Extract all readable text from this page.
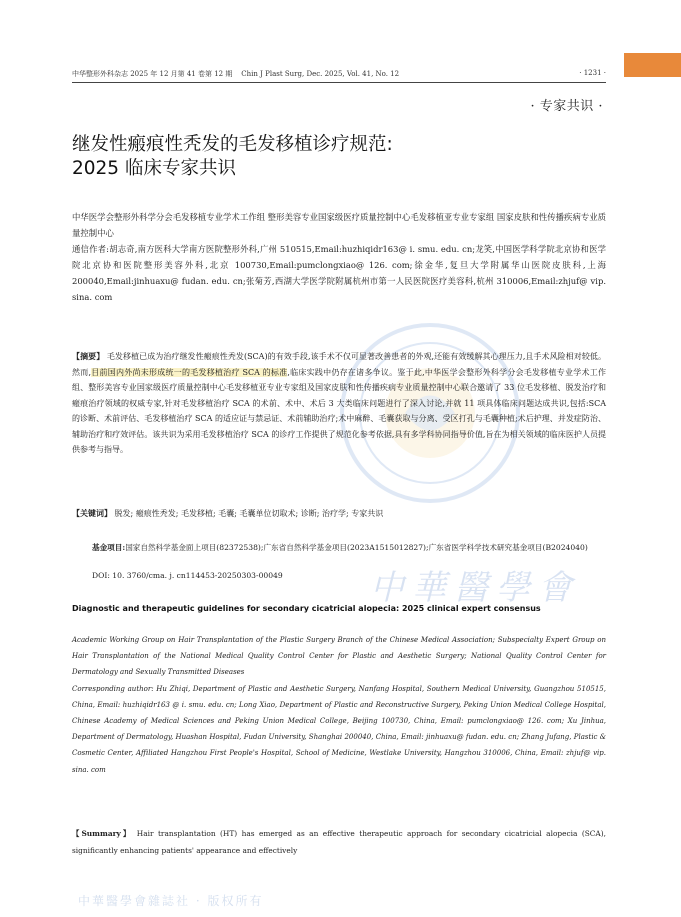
中华整形外科杂志 2025 年 12 月第 41 卷第 12 期 Chin J Plast Surg, Dec. 2025, Vol. 41, No. 12	· 1231 ·
· 专家共识 ·
继发性瘢痕性秃发的毛发移植诊疗规范:
2025 临床专家共识
中华医学会整形外科学分会毛发移植专业学术工作组 整形美容专业国家级医疗质量控制中心毛发移植亚专业专家组 国家皮肤和性传播疾病专业质量控制中心
通信作者:胡志奇,南方医科大学南方医院整形外科,广州 510515,Email:huzhiqidr163@ i. smu. edu. cn;龙笑,中国医学科学院北京协和医学院北京协和医院整形美容外科,北京 100730,Email:pumclongxiao@ 126. com;徐金华,复旦大学附属华山医院皮肤科,上海 200040,Email:jinhuaxu@ fudan. edu. cn;张菊芳,西湖大学医学院附属杭州市第一人民医院医疗美容科,杭州 310006,Email:zhjuf@ vip. sina. com
【摘要】 毛发移植已成为治疗继发性瘢痕性秃发(SCA)的有效手段,该手术不仅可显著改善患者的外观,还能有效缓解其心理压力,且手术风险相对较低。然而,目前国内外尚未形成统一的毛发移植治疗 SCA 的标准,临床实践中仍存在诸多争议。鉴于此,中华医学会整形外科学分会毛发移植专业学术工作组、整形美容专业国家级医疗质量控制中心毛发移植亚专业专家组及国家皮肤和性传播疾病专业质量控制中心联合邀请了 33 位毛发移植、脱发治疗和瘢痕治疗领域的权威专家,针对毛发移植治疗 SCA 的术前、术中、术后 3 大类临床问题进行了深入讨论,并就 11 项具体临床问题达成共识,包括:SCA 的诊断、术前评估、毛发移植治疗 SCA 的适应证与禁忌证、术前辅助治疗;术中麻醉、毛囊获取与分离、受区打孔与毛囊种植;术后护理、并发症防治、辅助治疗和疗效评估。该共识为采用毛发移植治疗 SCA 的诊疗工作提供了规范化参考依据,具有多学科协同指导价值,旨在为相关领域的临床医护人员提供参考与指导。
【关键词】 脱发; 瘢痕性秃发; 毛发移植; 毛囊; 毛囊单位切取术; 诊断; 治疗学; 专家共识
基金项目:国家自然科学基金面上项目(82372538);广东省自然科学基金项目(2023A1515012827);广东省医学科学技术研究基金项目(B2024040)
DOI: 10. 3760/cma. j. cn114453-20250303-00049	中華醫學會
Diagnostic and therapeutic guidelines for secondary cicatricial alopecia: 2025 clinical expert consensus
Academic Working Group on Hair Transplantation of the Plastic Surgery Branch of the Chinese Medical Association; Subspecialty Expert Group on Hair Transplantation of the National Medical Quality Control Center for Plastic and Aesthetic Surgery; National Quality Control Center for Dermatology and Sexually Transmitted Diseases
Corresponding author: Hu Zhiqi, Department of Plastic and Aesthetic Surgery, Nanfang Hospital, Southern Medical University, Guangzhou 510515, China, Email: huzhiqidr163 @ i. smu. edu. cn; Long Xiao, Department of Plastic and Reconstructive Surgery, Peking Union Medical College Hospital, Chinese Academy of Medical Sciences and Peking Union Medical College, Beijing 100730, China, Email: pumclongxiao@ 126. com; Xu Jinhua, Department of Dermatology, Huashan Hospital, Fudan University, Shanghai 200040, China, Email: jinhuaxu@ fudan. edu. cn; Zhang Jufang, Plastic & Cosmetic Center, Affiliated Hangzhou First People's Hospital, School of Medicine, Westlake University, Hangzhou 310006, China, Email: zhjuf@ vip. sina. com
【Summary】 Hair transplantation (HT) has emerged as an effective therapeutic approach for secondary cicatricial alopecia (SCA), significantly enhancing patients' appearance and effectively
中華醫學會雜誌社 · 版权所有
